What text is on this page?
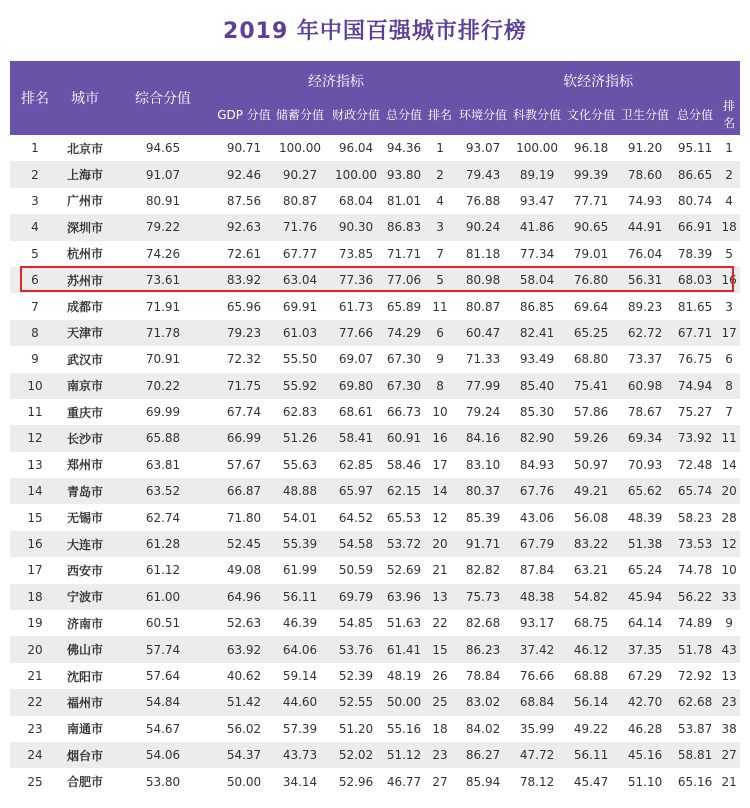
2019 年中国百强城市排行榜
排名	城市	综合分值	经济指标					软经济指标					
			GDP 分值	储蓄分值	财政分值	总分值	排名	环境分值	科教分值	文化分值	卫生分值	总分值	排名
1	北京市	94.65	90.71	100.00	96.04	94.36	1	93.07	100.00	96.18	91.20	95.11	1
2	上海市	91.07	92.46	90.27	100.00	93.80	2	79.43	89.19	99.39	78.60	86.65	2
3	广州市	80.91	87.56	80.87	68.04	81.01	4	76.88	93.47	77.71	74.93	80.74	4
4	深圳市	79.22	92.63	71.76	90.30	86.83	3	90.24	41.86	90.65	44.91	66.91	18
5	杭州市	74.26	72.61	67.77	73.85	71.71	7	81.18	77.34	79.01	76.04	78.39	5
6	苏州市	73.61	83.92	63.04	77.36	77.06	5	80.98	58.04	76.80	56.31	68.03	16
7	成都市	71.91	65.96	69.91	61.73	65.89	11	80.87	86.85	69.64	89.23	81.65	3
8	天津市	71.78	79.23	61.03	77.66	74.29	6	60.47	82.41	65.25	62.72	67.71	17
9	武汉市	70.91	72.32	55.50	69.07	67.30	9	71.33	93.49	68.80	73.37	76.75	6
10	南京市	70.22	71.75	55.92	69.80	67.30	8	77.99	85.40	75.41	60.98	74.94	8
11	重庆市	69.99	67.74	62.83	68.61	66.73	10	79.24	85.30	57.86	78.67	75.27	7
12	长沙市	65.88	66.99	51.26	58.41	60.91	16	84.16	82.90	59.26	69.34	73.92	11
13	郑州市	63.81	57.67	55.63	62.85	58.46	17	83.10	84.93	50.97	70.93	72.48	14
14	青岛市	63.52	66.87	48.88	65.97	62.15	14	80.37	67.76	49.21	65.62	65.74	20
15	无锡市	62.74	71.80	54.01	64.52	65.53	12	85.39	43.06	56.08	48.39	58.23	28
16	大连市	61.28	52.45	55.39	54.58	53.72	20	91.71	67.79	83.22	51.38	73.53	12
17	西安市	61.12	49.08	61.99	50.59	52.69	21	82.82	87.84	63.21	65.24	74.78	10
18	宁波市	61.00	64.96	56.11	69.79	63.96	13	75.73	48.38	54.82	45.94	56.22	33
19	济南市	60.51	52.63	46.39	54.85	51.63	22	82.68	93.17	68.75	64.14	74.89	9
20	佛山市	57.74	63.92	64.06	53.76	61.41	15	86.23	37.42	46.12	37.35	51.78	43
21	沈阳市	57.64	40.62	59.14	52.39	48.19	26	78.84	76.66	68.88	67.29	72.92	13
22	福州市	54.84	51.42	44.60	52.55	50.00	25	83.02	68.84	56.14	42.70	62.68	23
23	南通市	54.67	56.02	57.39	51.20	55.16	18	84.02	35.99	49.22	46.28	53.87	38
24	烟台市	54.06	54.37	43.73	52.02	51.12	23	86.27	47.72	56.11	45.16	58.81	27
25	合肥市	53.80	50.00	34.14	52.96	46.77	27	85.94	78.12	45.47	51.10	65.16	21
